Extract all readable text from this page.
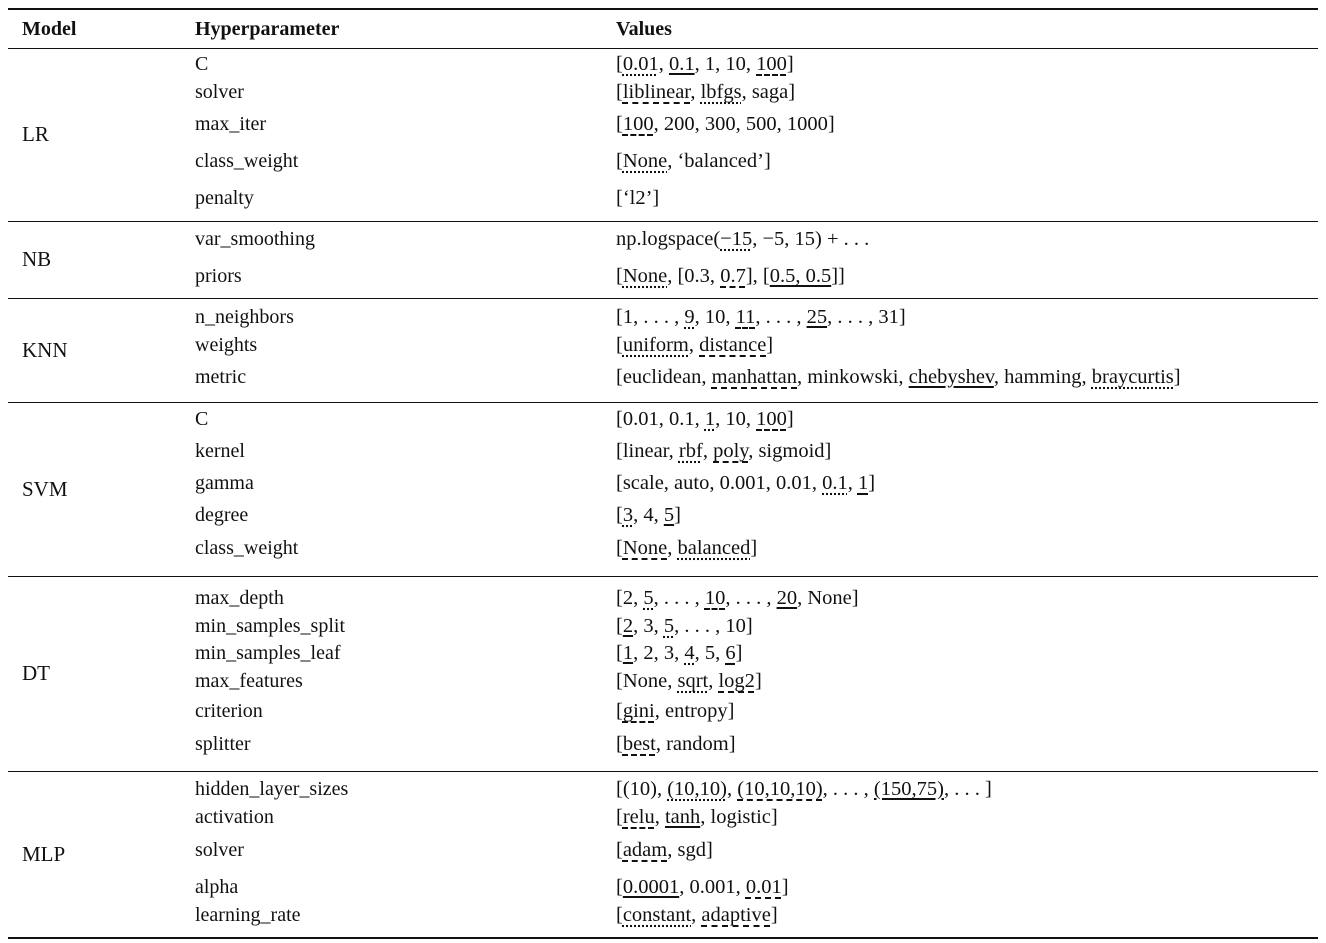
Model	Hyperparameter	Values
LR
C	[0.01, 0.1, 1, 10, 100]
solver	[liblinear, lbfgs, saga]
max_iter	[100, 200, 300, 500, 1000]
class_weight	[None, ‘balanced’]
penalty	[‘l2’]
NB
var_smoothing	np.logspace(−15, −5, 15) + . . .
priors	[None, [0.3, 0.7], [0.5, 0.5]]
KNN
n_neighbors	[1, . . . , 9, 10, 11, . . . , 25, . . . , 31]
weights	[uniform, distance]
metric	[euclidean, manhattan, minkowski, chebyshev, hamming, braycurtis]
SVM
C	[0.01, 0.1, 1, 10, 100]
kernel	[linear, rbf, poly, sigmoid]
gamma	[scale, auto, 0.001, 0.01, 0.1, 1]
degree	[3, 4, 5]
class_weight	[None, balanced]
DT
max_depth	[2, 5, . . . , 10, . . . , 20, None]
min_samples_split	[2, 3, 5, . . . , 10]
min_samples_leaf	[1, 2, 3, 4, 5, 6]
max_features	[None, sqrt, log2]
criterion	[gini, entropy]
splitter	[best, random]
MLP
hidden_layer_sizes	[(10), (10,10), (10,10,10), . . . , (150,75), . . . ]
activation	[relu, tanh, logistic]
solver	[adam, sgd]
alpha	[0.0001, 0.001, 0.01]
learning_rate	[constant, adaptive]
